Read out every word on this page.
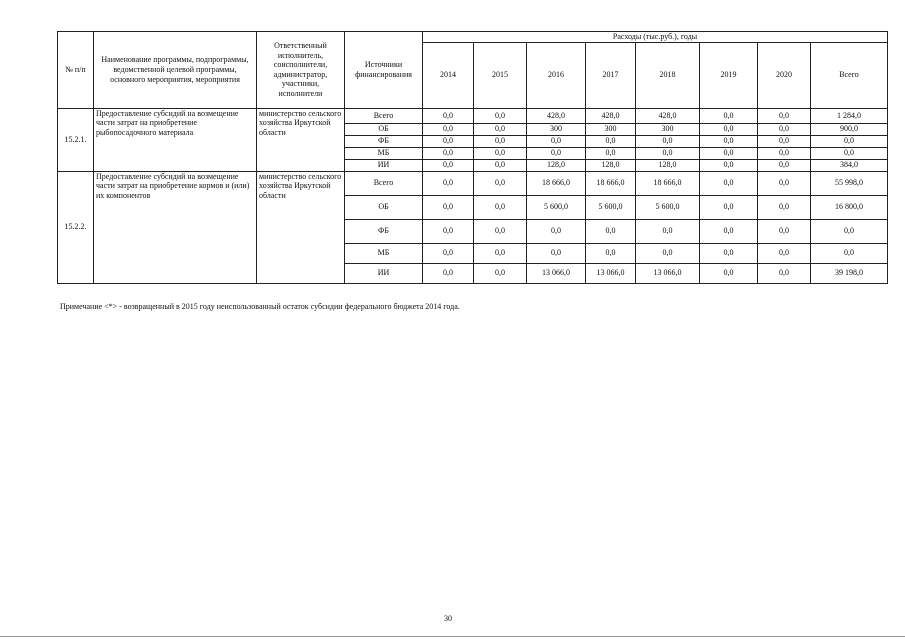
№ п/п	Наименование программы, подпрограммы, ведомственной целевой программы, основного мероприятия, мероприятия	Ответственный исполнитель, соисполнители, администратор, участники, исполнители	Источники финансирования	Расходы (тыс.руб.), годы							
				2014	2015	2016	2017	2018	2019	2020	Всего
15.2.1.	Предоставление субсидий на возмещение части затрат на приобретение рыбопосадочного материала	министерство сельского хозяйства Иркутской области	Всего	0,0	0,0	428,0	428,0	428,0	0,0	0,0	1 284,0
			ОБ	0,0	0,0	300	300	300	0,0	0,0	900,0
			ФБ	0,0	0,0	0,0	0,0	0,0	0,0	0,0	0,0
			МБ	0,0	0,0	0,0	0,0	0,0	0,0	0,0	0,0
			ИИ	0,0	0,0	128,0	128,0	128,0	0,0	0,0	384,0
15.2.2.	Предоставление субсидий на возмещение части затрат на приобретение кормов и (или) их компонентов	министерство сельского хозяйства Иркутской области	Всего	0,0	0,0	18 666,0	18 666,0	18 666,0	0,0	0,0	55 998,0
			ОБ	0,0	0,0	5 600,0	5 600,0	5 600,0	0,0	0,0	16 800,0
			ФБ	0,0	0,0	0,0	0,0	0,0	0,0	0,0	0,0
			МБ	0,0	0,0	0,0	0,0	0,0	0,0	0,0	0,0
			ИИ	0,0	0,0	13 066,0	13 066,0	13 066,0	0,0	0,0	39 198,0
Примечание <*> - возвращенный в 2015 году неиспользованный остаток субсидии федерального бюджета 2014 года.
30
